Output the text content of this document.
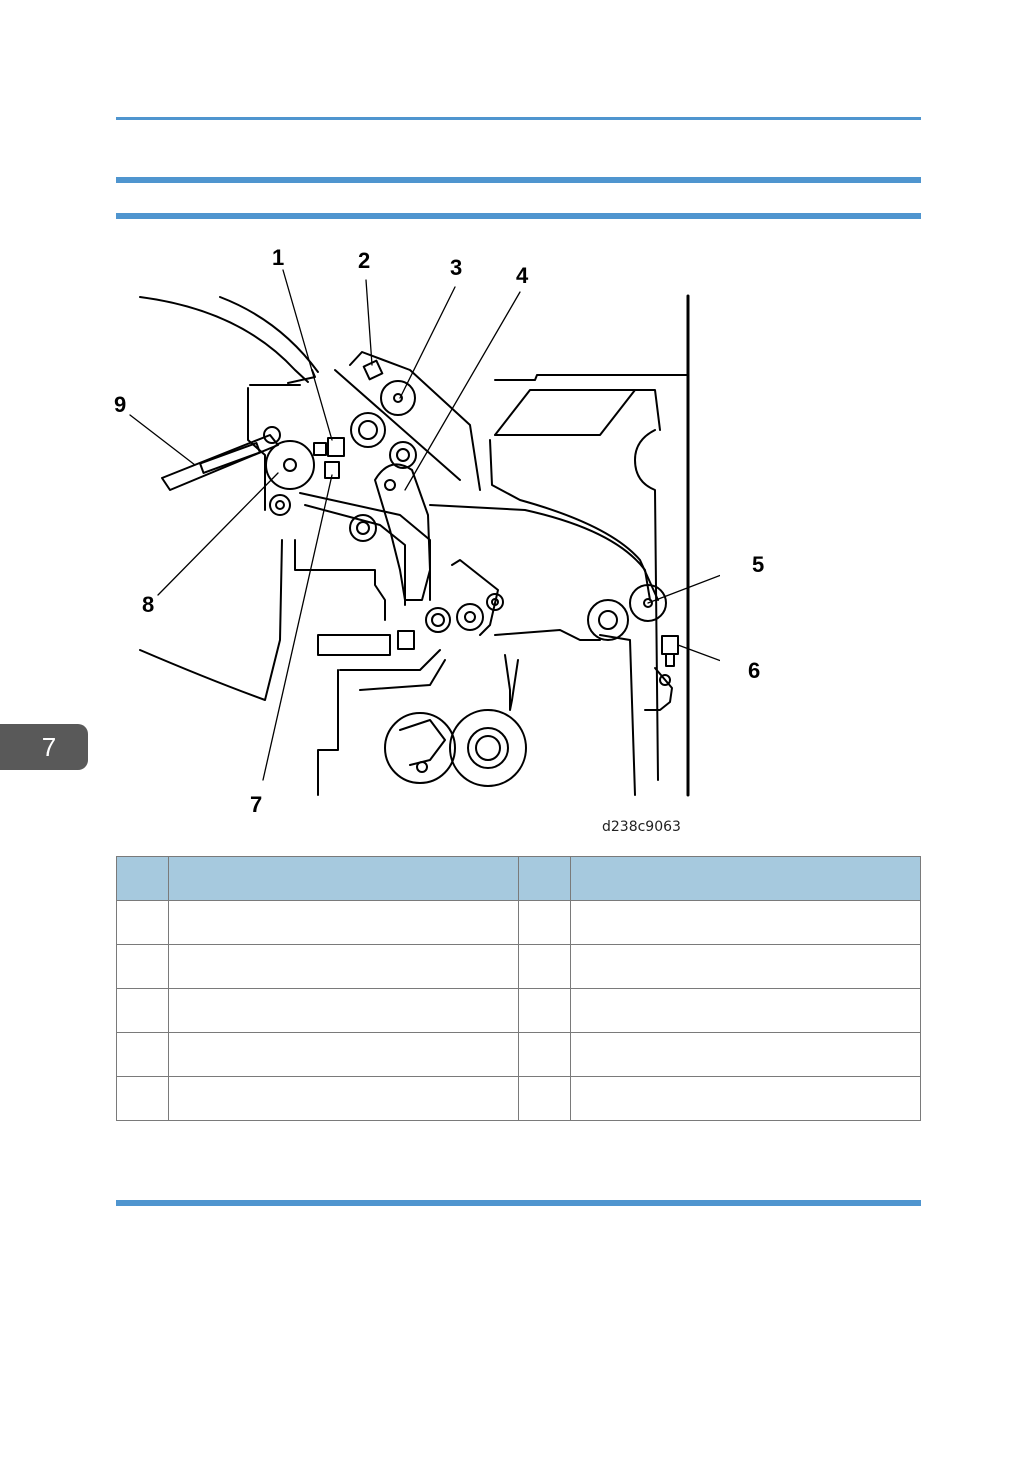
1	2	3 4
7
8
9
d238c9063
5
6
7
